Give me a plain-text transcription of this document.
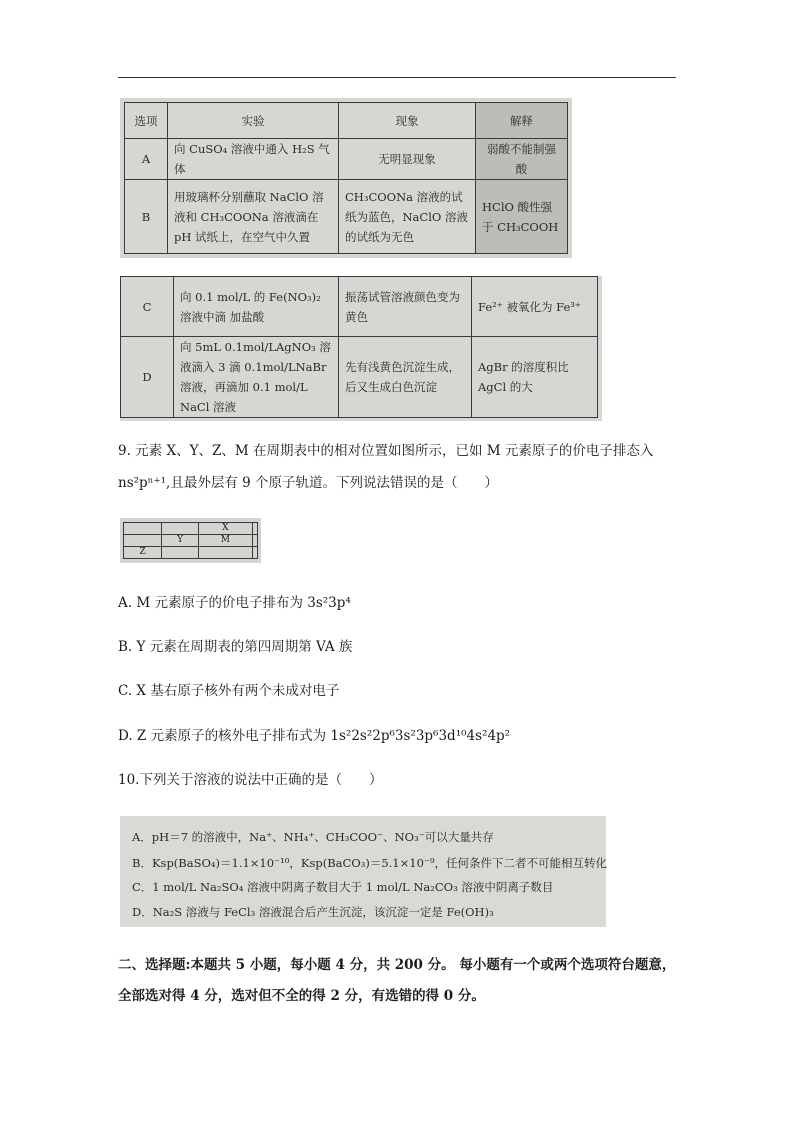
选项	实验	现象	解释
A	向 CuSO₄ 溶液中通入 H₂S 气体	无明显现象	弱酸不能制强酸
B	用玻璃杯分别蘸取 NaClO 溶液和 CH₃COONa 溶液滴在 pH 试纸上，在空气中久置	CH₃COONa 溶液的试纸为蓝色，NaClO 溶液的试纸为无色	HClO 酸性强于 CH₃COOH
C	向 0.1 mol/L 的 Fe(NO₃)₂ 溶液中滴 加盐酸	振荡试管溶液颜色变为黄色	Fe²⁺ 被氧化为 Fe³⁺
D	向 5mL 0.1mol/LAgNO₃ 溶液滴入 3 滴 0.1mol/LNaBr 溶液，再滴加 0.1 mol/L NaCl 溶液	先有浅黄色沉淀生成，后又生成白色沉淀	AgBr 的溶度积比 AgCl 的大
9. 元素 X、Y、Z、M 在周期表中的相对位置如图所示，已如 M 元素原子的价电子排态入
ns²pⁿ⁺¹,且最外层有 9 个原子轨道。下列说法错误的是（　　）
		X	
	Y	M	
Z			
A. M 元素原子的价电子排布为 3s²3p⁴
B. Y 元素在周期表的第四周期第 VA 族
C. X 基右原子核外有两个未成对电子
D. Z 元素原子的核外电子排布式为 1s²2s²2p⁶3s²3p⁶3d¹⁰4s²4p²
10.下列关于溶液的说法中正确的是（　　）
A．pH＝7 的溶液中，Na⁺、NH₄⁺、CH₃COO⁻、NO₃⁻可以大量共存
B．Ksp(BaSO₄)＝1.1×10⁻¹⁰，Ksp(BaCO₃)＝5.1×10⁻⁹，任何条件下二者不可能相互转化
C．1 mol/L Na₂SO₄ 溶液中阴离子数目大于 1 mol/L Na₂CO₃ 溶液中阴离子数目
D．Na₂S 溶液与 FeCl₃ 溶液混合后产生沉淀，该沉淀一定是 Fe(OH)₃
二、选择题:本题共 5 小题，每小题 4 分，共 200 分。 每小题有一个或两个选项符台题意，
全部选对得 4 分，选对但不全的得 2 分，有选错的得 0 分。
